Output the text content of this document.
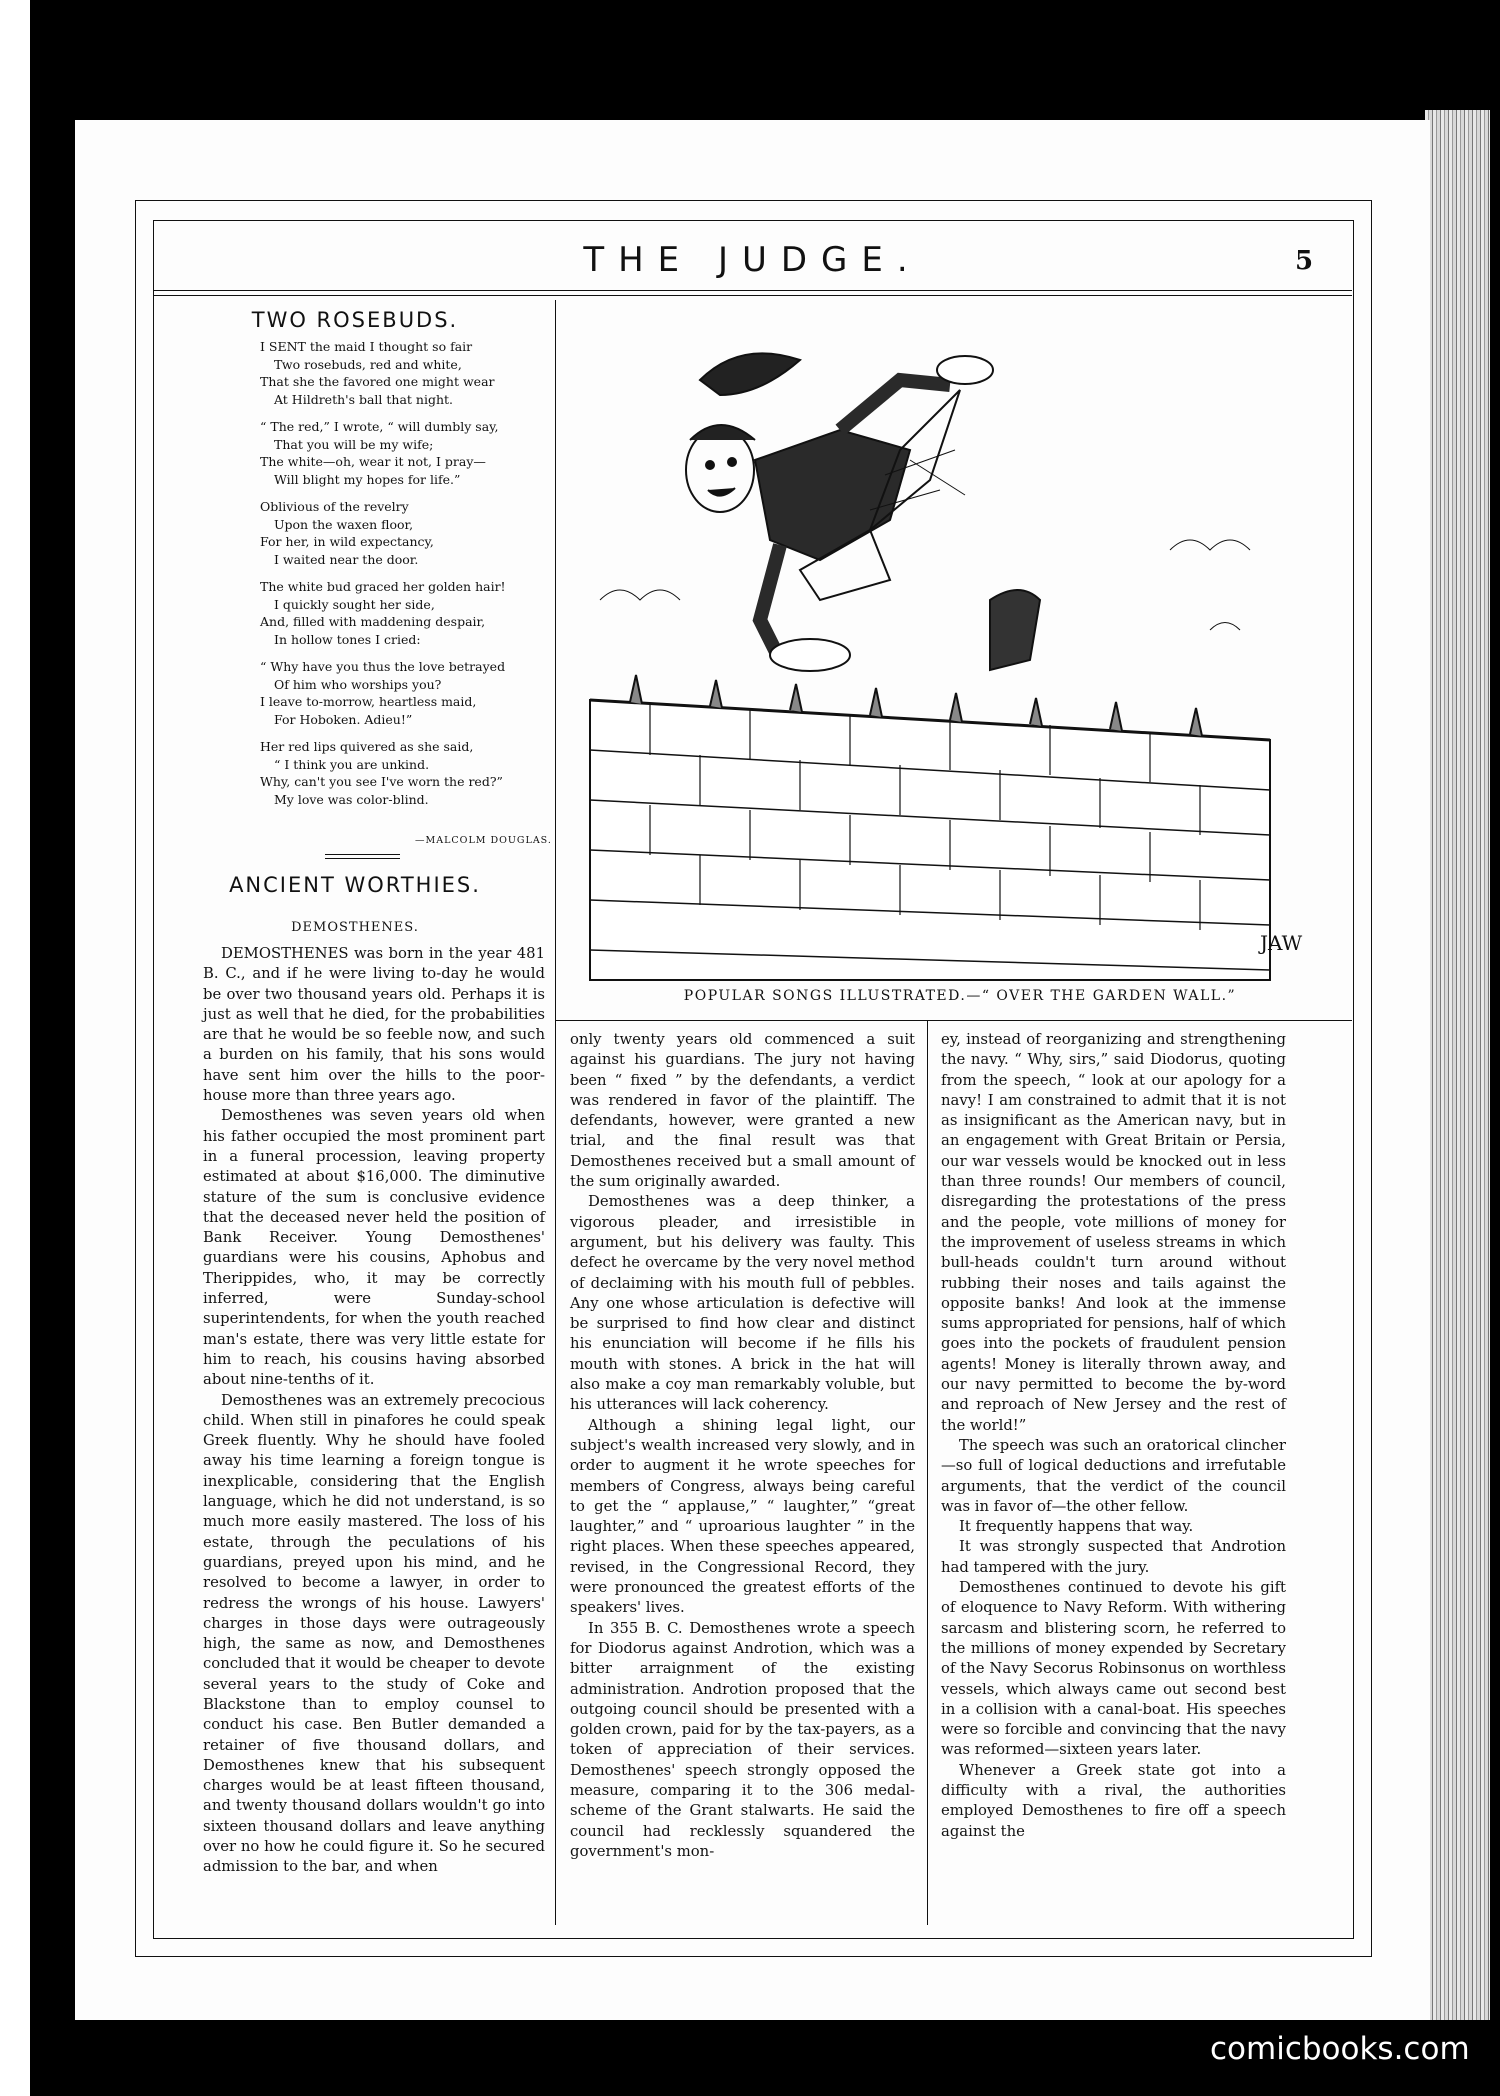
THE JUDGE.	5
TWO ROSEBUDS.
I SENT the maid I thought so fair
Two rosebuds, red and white,
That she the favored one might wear
At Hildreth's ball that night.
“ The red,” I wrote, “ will dumbly say,
That you will be my wife;
The white—oh, wear it not, I pray—
Will blight my hopes for life.”
Oblivious of the revelry
Upon the waxen floor,
For her, in wild expectancy,
I waited near the door.
The white bud graced her golden hair!
I quickly sought her side,
And, filled with maddening despair,
In hollow tones I cried:
“ Why have you thus the love betrayed
Of him who worships you?
I leave to-morrow, heartless maid,
For Hoboken. Adieu!”
Her red lips quivered as she said,
“ I think you are unkind.
Why, can't you see I've worn the red?”
My love was color-blind.
—MALCOLM DOUGLAS.
ANCIENT WORTHIES.
DEMOSTHENES.

DEMOSTHENES was born in the year 481 B. C., and if he were living to-day he would be over two thousand years old. Perhaps it is just as well that he died, for the probabilities are that he would be so feeble now, and such a burden on his family, that his sons would have sent him over the hills to the poor-house more than three years ago.

Demosthenes was seven years old when his father occupied the most prominent part in a funeral procession, leaving property estimated at about $16,000. The diminutive stature of the sum is conclusive evidence that the deceased never held the position of Bank Receiver. Young Demosthenes' guardians were his cousins, Aphobus and Therippides, who, it may be correctly inferred, were Sunday-school superintendents, for when the youth reached man's estate, there was very little estate for him to reach, his cousins having absorbed about nine-tenths of it.

Demosthenes was an extremely precocious child. When still in pinafores he could speak Greek fluently. Why he should have fooled away his time learning a foreign tongue is inexplicable, considering that the English language, which he did not understand, is so much more easily mastered. The loss of his estate, through the peculations of his guardians, preyed upon his mind, and he resolved to become a lawyer, in order to redress the wrongs of his house. Lawyers' charges in those days were outrageously high, the same as now, and Demosthenes concluded that it would be cheaper to devote several years to the study of Coke and Blackstone than to employ counsel to conduct his case. Ben Butler demanded a retainer of five thousand dollars, and Demosthenes knew that his subsequent charges would be at least fifteen thousand, and twenty thousand dollars wouldn't go into sixteen thousand dollars and leave anything over no how he could figure it. So he secured admission to the bar, and when

JAW
POPULAR SONGS ILLUSTRATED.—“ OVER THE GARDEN WALL.”

only twenty years old commenced a suit against his guardians. The jury not having been “ fixed ” by the defendants, a verdict was rendered in favor of the plaintiff. The defendants, however, were granted a new trial, and the final result was that Demosthenes received but a small amount of the sum originally awarded.

Demosthenes was a deep thinker, a vigorous pleader, and irresistible in argument, but his delivery was faulty. This defect he overcame by the very novel method of declaiming with his mouth full of pebbles. Any one whose articulation is defective will be surprised to find how clear and distinct his enunciation will become if he fills his mouth with stones. A brick in the hat will also make a coy man remarkably voluble, but his utterances will lack coherency.

Although a shining legal light, our subject's wealth increased very slowly, and in order to augment it he wrote speeches for members of Congress, always being careful to get the “ applause,” “ laughter,” “great laughter,” and “ uproarious laughter ” in the right places. When these speeches appeared, revised, in the Congressional Record, they were pronounced the greatest efforts of the speakers' lives.

In 355 B. C. Demosthenes wrote a speech for Diodorus against Androtion, which was a bitter arraignment of the existing administration. Androtion proposed that the outgoing council should be presented with a golden crown, paid for by the tax-payers, as a token of appreciation of their services. Demosthenes' speech strongly opposed the measure, comparing it to the 306 medal-scheme of the Grant stalwarts. He said the council had recklessly squandered the government's mon-

ey, instead of reorganizing and strengthening the navy. “ Why, sirs,” said Diodorus, quoting from the speech, “ look at our apology for a navy! I am constrained to admit that it is not as insignificant as the American navy, but in an engagement with Great Britain or Persia, our war vessels would be knocked out in less than three rounds! Our members of council, disregarding the protestations of the press and the people, vote millions of money for the improvement of useless streams in which bull-heads couldn't turn around without rubbing their noses and tails against the opposite banks! And look at the immense sums appropriated for pensions, half of which goes into the pockets of fraudulent pension agents! Money is literally thrown away, and our navy permitted to become the by-word and reproach of New Jersey and the rest of the world!”

The speech was such an oratorical clincher—so full of logical deductions and irrefutable arguments, that the verdict of the council was in favor of—the other fellow.

It frequently happens that way.

It was strongly suspected that Androtion had tampered with the jury.

Demosthenes continued to devote his gift of eloquence to Navy Reform. With withering sarcasm and blistering scorn, he referred to the millions of money expended by Secretary of the Navy Secorus Robinsonus on worthless vessels, which always came out second best in a collision with a canal-boat. His speeches were so forcible and convincing that the navy was reformed—sixteen years later.

Whenever a Greek state got into a difficulty with a rival, the authorities employed Demosthenes to fire off a speech against the

comicbooks.com
